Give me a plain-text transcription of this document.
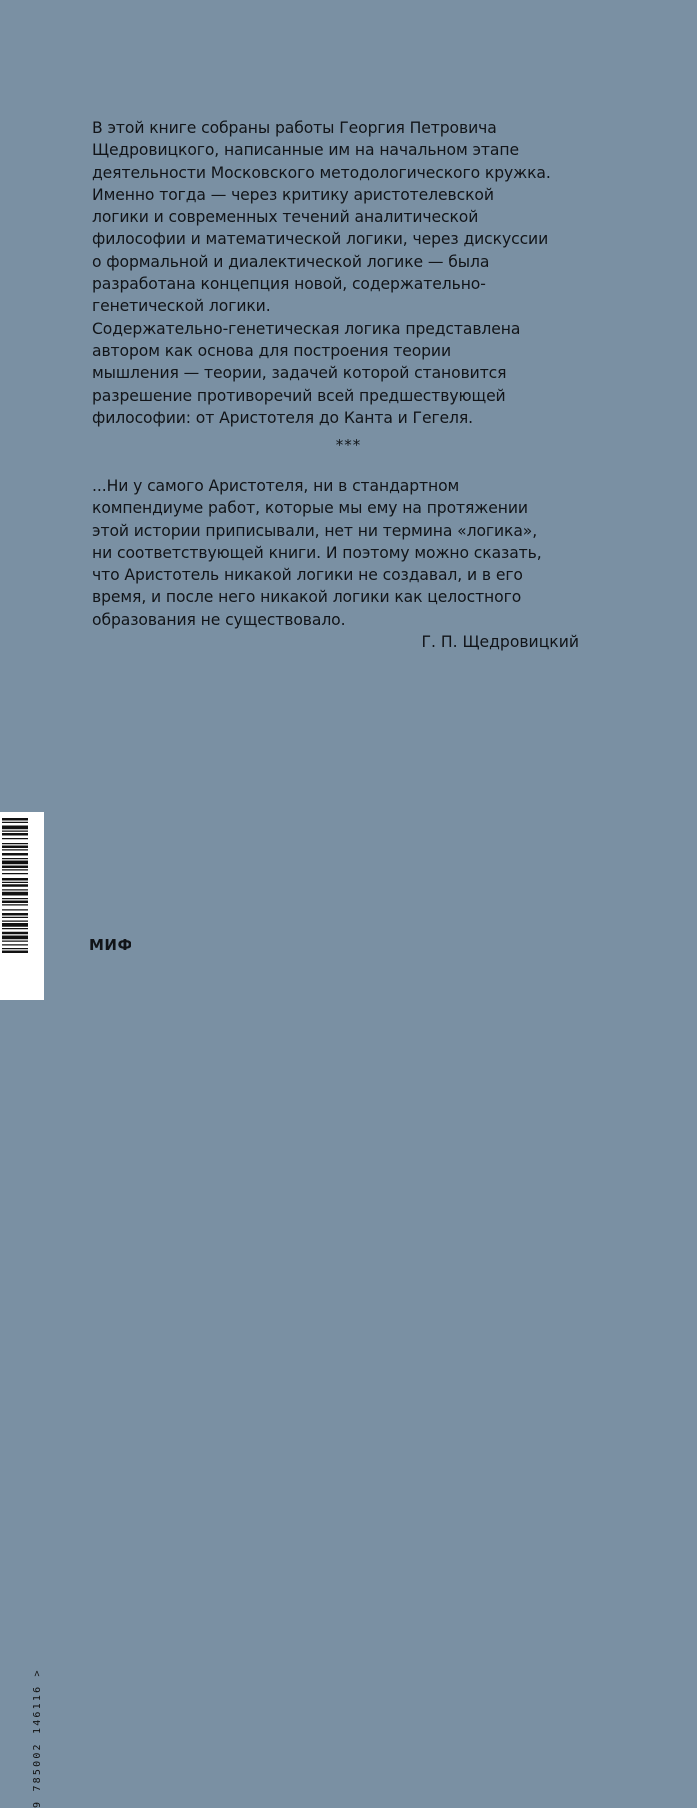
В этой книге собраны работы Георгия Петровича
Щедровицкого, написанные им на начальном этапе
деятельности Московского методологического кружка.
Именно тогда — через критику аристотелевской
логики и современных течений аналитической
философии и математической логики, через дискуссии
о формальной и диалектической логике — была
разработана концепция новой, содержательно-
генетической логики.
Содержательно-генетическая логика представлена
автором как основа для построения теории
мышления — теории, задачей которой становится
разрешение противоречий всей предшествующей
философии: от Аристотеля до Канта и Гегеля.

***

...Ни у самого Аристотеля, ни в стандартном
компендиуме работ, которые мы ему на протяжении
этой истории приписывали, нет ни термина «логика»,
ни соответствующей книги. И поэтому можно сказать,
что Аристотель никакой логики не создавал, и в его
время, и после него никакой логики как целостного
образования не существовало.

Г. П. Щедровицкий
9 785002 146116 >
МИФ
